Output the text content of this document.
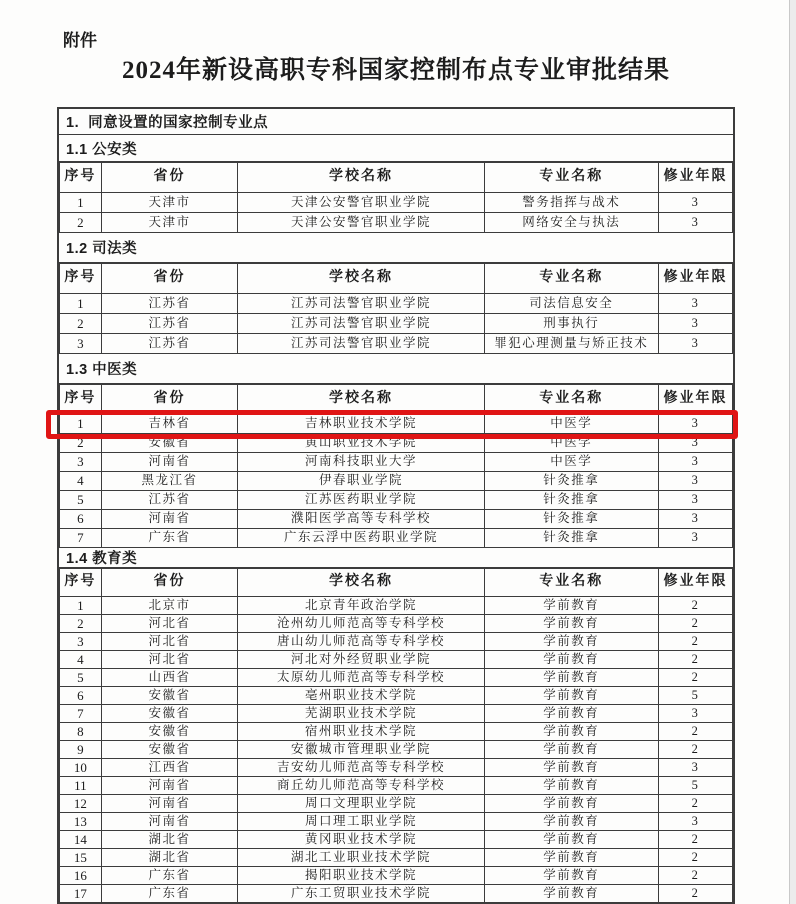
附件
2024年新设高职专科国家控制布点专业审批结果
1.  同意设置的国家控制专业点
1.1 公安类
序号	省份	学校名称	专业名称	修业年限
1	天津市	天津公安警官职业学院	警务指挥与战术	3
2	天津市	天津公安警官职业学院	网络安全与执法	3
1.2 司法类
序号	省份	学校名称	专业名称	修业年限
1	江苏省	江苏司法警官职业学院	司法信息安全	3
2	江苏省	江苏司法警官职业学院	刑事执行	3
3	江苏省	江苏司法警官职业学院	罪犯心理测量与矫正技术	3
1.3 中医类
序号	省份	学校名称	专业名称	修业年限
1	吉林省	吉林职业技术学院	中医学	3
2	安徽省	黄山职业技术学院	中医学	3
3	河南省	河南科技职业大学	中医学	3
4	黑龙江省	伊春职业学院	针灸推拿	3
5	江苏省	江苏医药职业学院	针灸推拿	3
6	河南省	濮阳医学高等专科学校	针灸推拿	3
7	广东省	广东云浮中医药职业学院	针灸推拿	3
1.4 教育类
序号	省份	学校名称	专业名称	修业年限
1	北京市	北京青年政治学院	学前教育	2
2	河北省	沧州幼儿师范高等专科学校	学前教育	2
3	河北省	唐山幼儿师范高等专科学校	学前教育	2
4	河北省	河北对外经贸职业学院	学前教育	2
5	山西省	太原幼儿师范高等专科学校	学前教育	2
6	安徽省	亳州职业技术学院	学前教育	5
7	安徽省	芜湖职业技术学院	学前教育	3
8	安徽省	宿州职业技术学院	学前教育	2
9	安徽省	安徽城市管理职业学院	学前教育	2
10	江西省	吉安幼儿师范高等专科学校	学前教育	3
11	河南省	商丘幼儿师范高等专科学校	学前教育	5
12	河南省	周口文理职业学院	学前教育	2
13	河南省	周口理工职业学院	学前教育	3
14	湖北省	黄冈职业技术学院	学前教育	2
15	湖北省	湖北工业职业技术学院	学前教育	2
16	广东省	揭阳职业技术学院	学前教育	2
17	广东省	广东工贸职业技术学院	学前教育	2
